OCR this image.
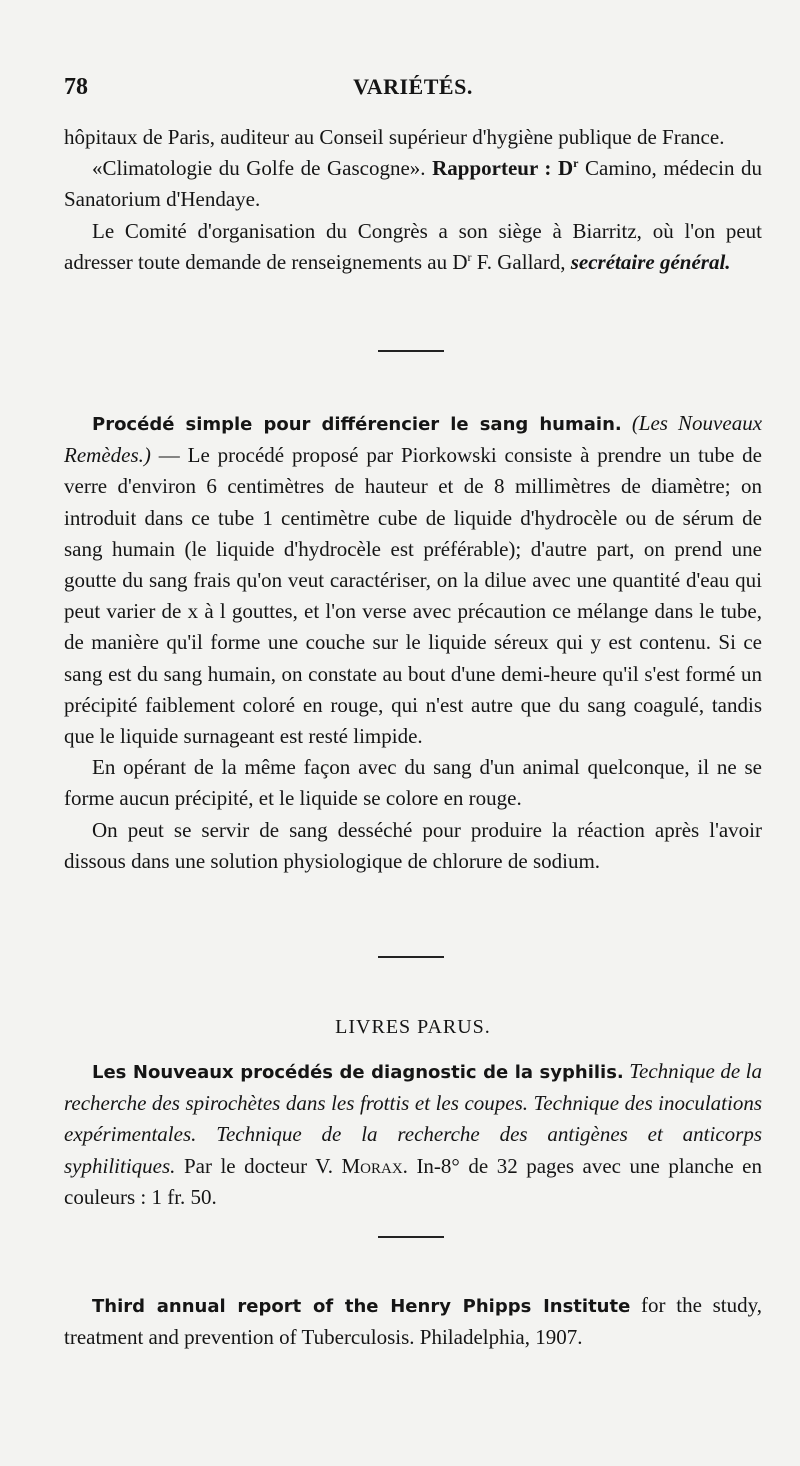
78	VARIÉTÉS.

hôpitaux de Paris, auditeur au Conseil supérieur d'hygiène publique de France.

«Climatologie du Golfe de Gascogne». Rapporteur : $D^r$ Camino, médecin du Sanatorium d'Hendaye.

Le Comité d'organisation du Congrès a son siège à Biarritz, où l'on peut adresser toute demande de renseignements au $D^r$ F. Gallard, secrétaire général.

Procédé simple pour différencier le sang humain. (Les Nouveaux Remèdes.) — Le procédé proposé par Piorkowski consiste à prendre un tube de verre d'environ 6 centimètres de hauteur et de 8 millimètres de diamètre; on introduit dans ce tube 1 centimètre cube de liquide d'hydrocèle ou de sérum de sang humain (le liquide d'hydrocèle est préférable); d'autre part, on prend une goutte du sang frais qu'on veut caractériser, on la dilue avec une quantité d'eau qui peut varier de x à l gouttes, et l'on verse avec précaution ce mélange dans le tube, de manière qu'il forme une couche sur le liquide séreux qui y est contenu. Si ce sang est du sang humain, on constate au bout d'une demi-heure qu'il s'est formé un précipité faiblement coloré en rouge, qui n'est autre que du sang coagulé, tandis que le liquide surnageant est resté limpide.

En opérant de la même façon avec du sang d'un animal quelconque, il ne se forme aucun précipité, et le liquide se colore en rouge.

On peut se servir de sang desséché pour produire la réaction après l'avoir dissous dans une solution physiologique de chlorure de sodium.

LIVRES PARUS.

Les Nouveaux procédés de diagnostic de la syphilis. Technique de la recherche des spirochètes dans les frottis et les coupes. Technique des inoculations expérimentales. Technique de la recherche des antigènes et anticorps syphilitiques. Par le docteur V. Morax. In-8° de 32 pages avec une planche en couleurs : 1 fr. 50.

Third annual report of the Henry Phipps Institute for the study, treatment and prevention of Tuberculosis. Philadelphia, 1907.
